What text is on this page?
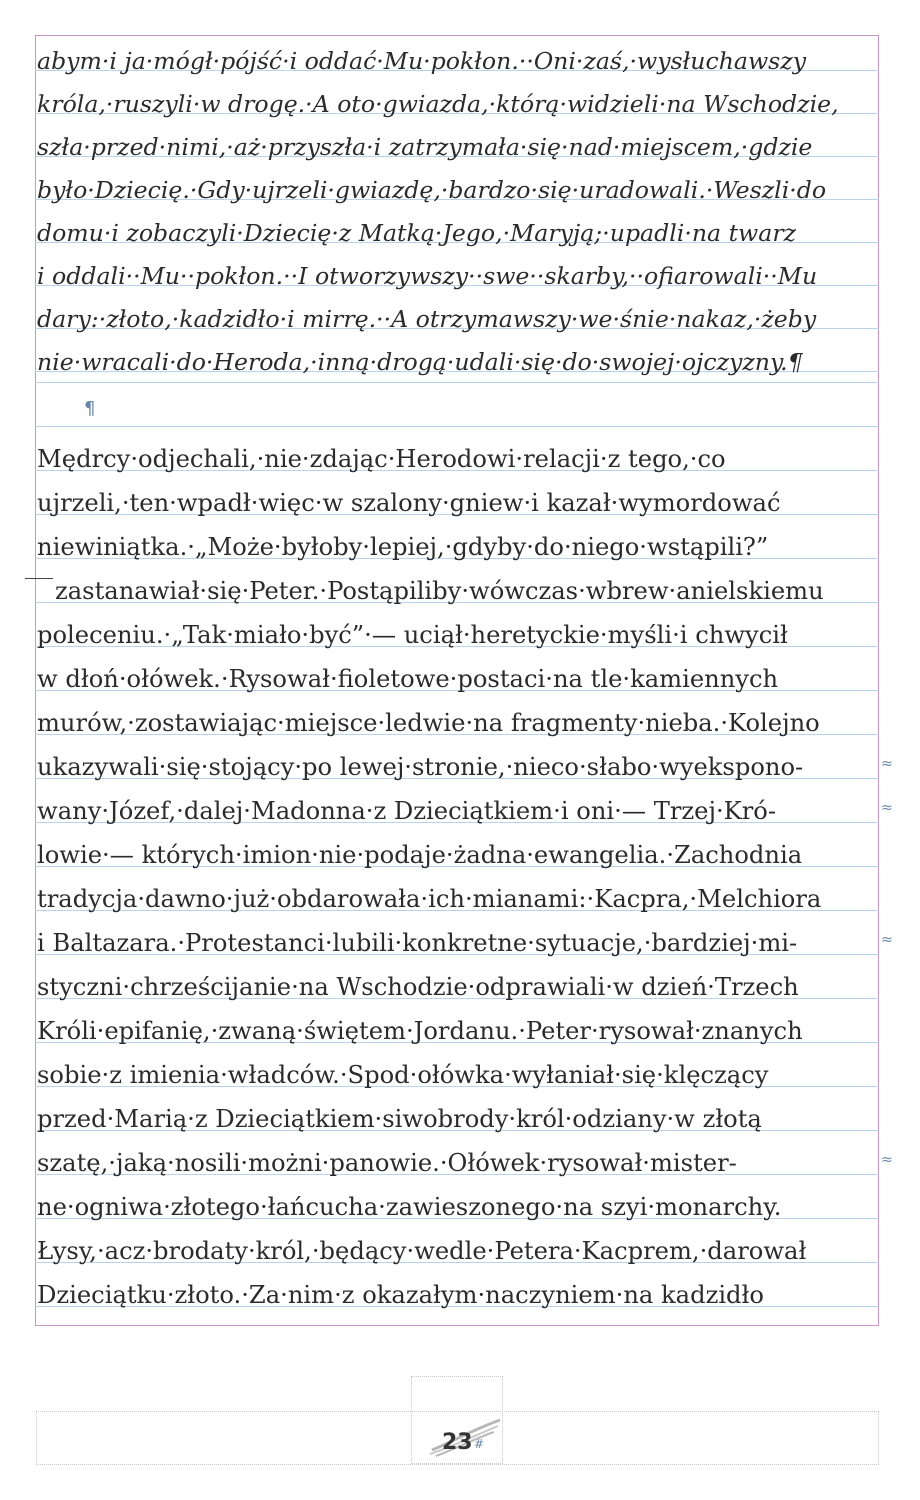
abym·i ja·mógł·pójść·i oddać·Mu·pokłon.··Oni·zaś,·wysłuchawszy
króla,·ruszyli·w drogę.·A oto·gwiazda,·którą·widzieli·na Wschodzie,
szła·przed·nimi,·aż·przyszła·i zatrzymała·się·nad·miejscem,·gdzie
było·Dziecię.·Gdy·ujrzeli·gwiazdę,·bardzo·się·uradowali.·Weszli·do
domu·i zobaczyli·Dziecię·z Matką·Jego,·Maryją;·upadli·na twarz
i oddali··Mu··pokłon.··I otworzywszy··swe··skarby,··ofiarowali··Mu
dary:·złoto,·kadzidło·i mirrę.··A otrzymawszy·we·śnie·nakaz,·żeby
nie·wracali·do·Heroda,·inną·drogą·udali·się·do·swojej·ojczyzny.¶
¶
Mędrcy·odjechali,·nie·zdając·Herodowi·relacji·z tego,·co
ujrzeli,·ten·wpadł·więc·w szalony·gniew·i kazał·wymordować
niewiniątka.·„Może·byłoby·lepiej,·gdyby·do·niego·wstąpili?”
zastanawiał·się·Peter.·Postąpiliby·wówczas·wbrew·anielskiemu
poleceniu.·„Tak·miało·być”·— uciął·heretyckie·myśli·i chwycił
w dłoń·ołówek.·Rysował·fioletowe·postaci·na tle·kamiennych
murów,·zostawiając·miejsce·ledwie·na fragmenty·nieba.·Kolejno
ukazywali·się·stojący·po lewej·stronie,·nieco·słabo·wyekspono-
wany·Józef,·dalej·Madonna·z Dzieciątkiem·i oni·— Trzej·Kró-
lowie·— których·imion·nie·podaje·żadna·ewangelia.·Zachodnia
tradycja·dawno·już·obdarowała·ich·mianami:·Kacpra,·Melchiora
i Baltazara.·Protestanci·lubili·konkretne·sytuacje,·bardziej·mi-
styczni·chrześcijanie·na Wschodzie·odprawiali·w dzień·Trzech
Króli·epifanię,·zwaną·świętem·Jordanu.·Peter·rysował·znanych
sobie·z imienia·władców.·Spod·ołówka·wyłaniał·się·klęczący
przed·Marią·z Dzieciątkiem·siwobrody·król·odziany·w złotą
szatę,·jaką·nosili·możni·panowie.·Ołówek·rysował·mister-
ne·ogniwa·złotego·łańcucha·zawieszonego·na szyi·monarchy.
Łysy,·acz·brodaty·król,·będący·wedle·Petera·Kacprem,·darował
Dzieciątku·złoto.·Za·nim·z okazałym·naczyniem·na kadzidło
≈
≈
≈
≈
23 #
